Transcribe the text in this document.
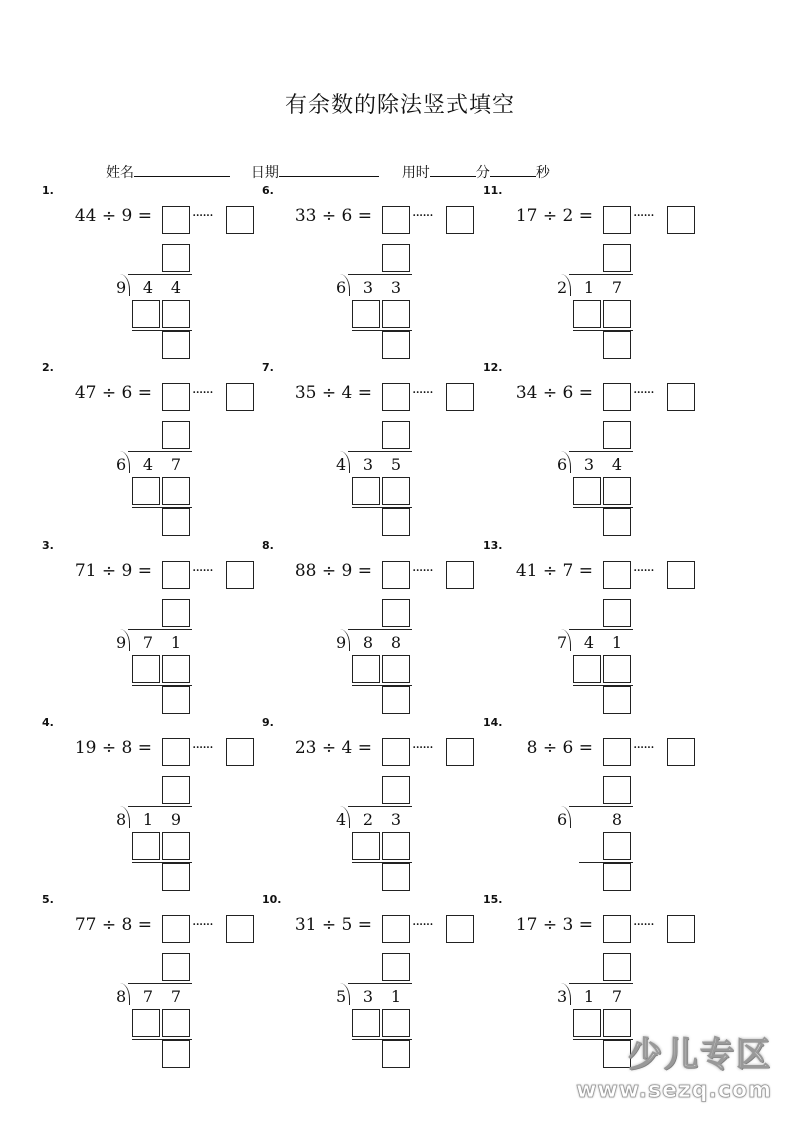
有余数的除法竖式填空
姓名	日期	用时	分	秒
1.
44 ÷ 9 =	······
9	4	4
2.
47 ÷ 6 =	······
6	4	7
3.
71 ÷ 9 =	······
9	7	1
4.
19 ÷ 8 =	······
8	1	9
5.
77 ÷ 8 =	······
8	7	7
6.
33 ÷ 6 =	······
6	3	3
7.
35 ÷ 4 =	······
4	3	5
8.
88 ÷ 9 =	······
9	8	8
9.
23 ÷ 4 =	······
4	2	3
10.
31 ÷ 5 =	······
5	3	1
11.
17 ÷ 2 =	······
2	1	7
12.
34 ÷ 6 =	······
6	3	4
13.
41 ÷ 7 =	······
7	4	1
14.
8 ÷ 6 =	······
6	8
15.
17 ÷ 3 =	······
3	1	7
少儿专区
www.sezq.com
